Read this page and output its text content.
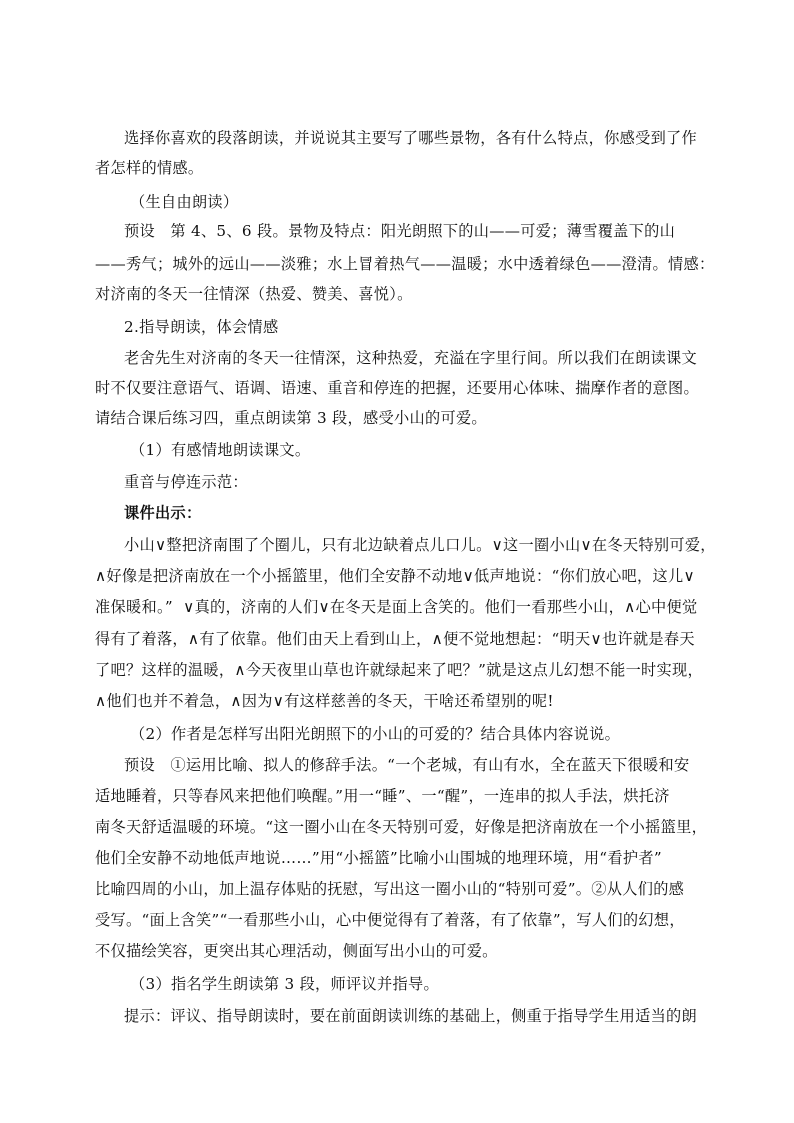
选择你喜欢的段落朗读，并说说其主要写了哪些景物，各有什么特点，你感受到了作

者怎样的情感。

（生自由朗读）

预设   第 4、5、6 段。景物及特点：阳光朗照下的山——可爱；薄雪覆盖下的山

——秀气；城外的远山——淡雅；水上冒着热气——温暖；水中透着绿色——澄清。情感：

对济南的冬天一往情深（热爱、赞美、喜悦）。

2.指导朗读，体会情感

老舍先生对济南的冬天一往情深，这种热爱，充溢在字里行间。所以我们在朗读课文

时不仅要注意语气、语调、语速、重音和停连的把握，还要用心体味、揣摩作者的意图。

请结合课后练习四，重点朗读第 3 段，感受小山的可爱。

（1）有感情地朗读课文。

重音与停连示范：

课件出示：

小山∨整把济南围了个圈儿，只有北边缺着点儿口儿。∨这一圈小山∨在冬天特别可爱，

∧好像是把济南放在一个小摇篮里，他们全安静不动地∨低声地说：“你们放心吧，这儿∨

准保暖和。”  ∨真的，济南的人们∨在冬天是面上含笑的。他们一看那些小山，∧心中便觉

得有了着落，∧有了依靠。他们由天上看到山上，∧便不觉地想起：“明天∨也许就是春天

了吧？这样的温暖，∧今天夜里山草也许就绿起来了吧？”就是这点儿幻想不能一时实现，

∧他们也并不着急，∧因为∨有这样慈善的冬天，干啥还希望别的呢!

（2）作者是怎样写出阳光朗照下的小山的可爱的？结合具体内容说说。

预设   ①运用比喻、拟人的修辞手法。“一个老城，有山有水，全在蓝天下很暖和安

适地睡着，只等春风来把他们唤醒。”用一“睡”、一“醒”，一连串的拟人手法，烘托济

南冬天舒适温暖的环境。“这一圈小山在冬天特别可爱，好像是把济南放在一个小摇篮里，

他们全安静不动地低声地说……”用“小摇篮”比喻小山围城的地理环境，用“看护者”

比喻四周的小山，加上温存体贴的抚慰，写出这一圈小山的“特别可爱”。②从人们的感

受写。“面上含笑”“一看那些小山，心中便觉得有了着落，有了依靠”，写人们的幻想，

不仅描绘笑容，更突出其心理活动，侧面写出小山的可爱。

（3）指名学生朗读第 3 段，师评议并指导。

提示：评议、指导朗读时，要在前面朗读训练的基础上，侧重于指导学生用适当的朗
